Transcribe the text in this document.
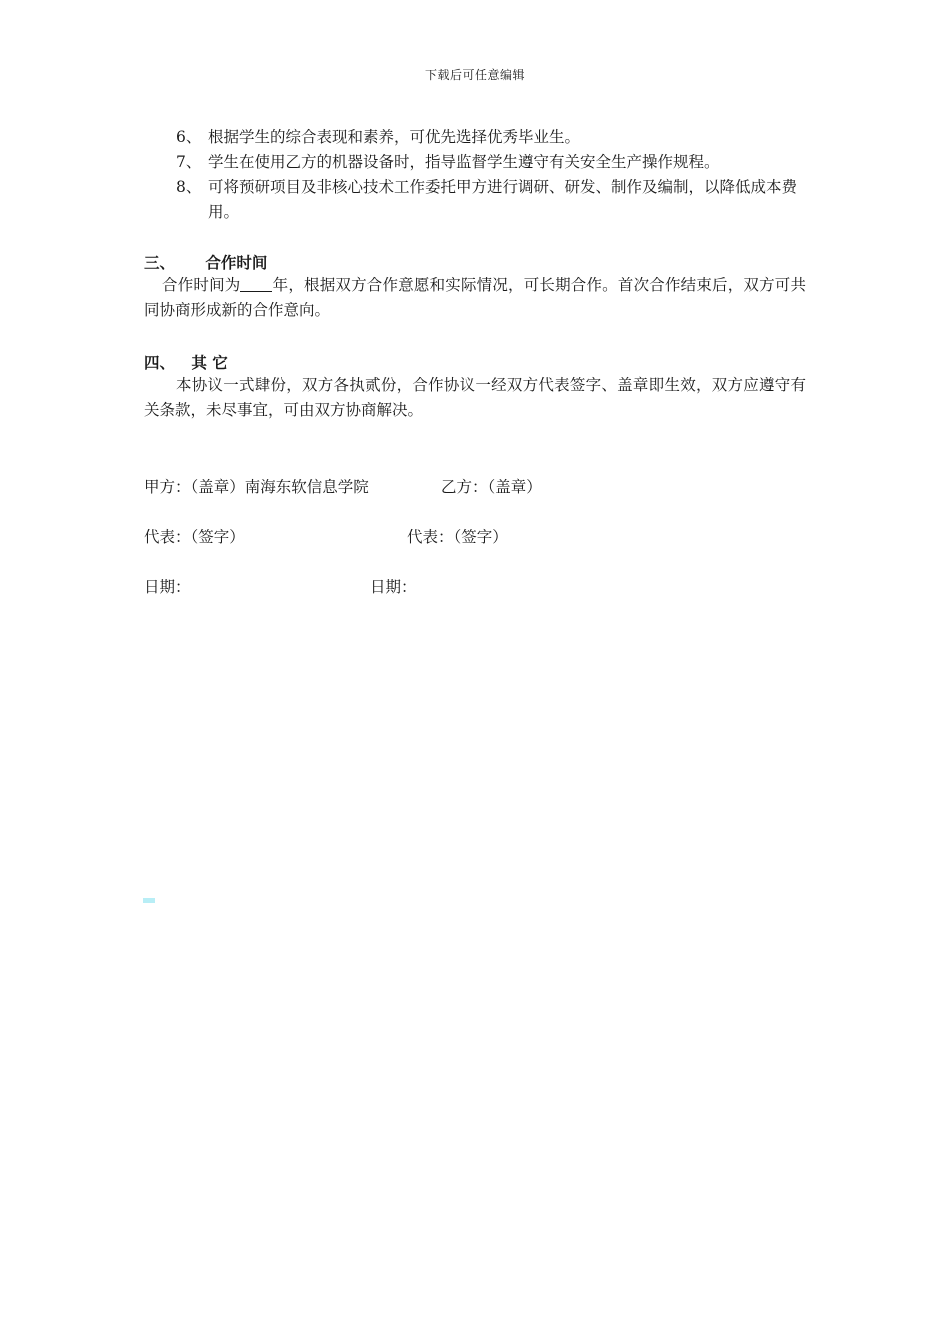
下载后可任意编辑
6、 根据学生的综合表现和素养，可优先选择优秀毕业生。
7、 学生在使用乙方的机器设备时，指导监督学生遵守有关安全生产操作规程。
8、 可将预研项目及非核心技术工作委托甲方进行调研、研发、制作及编制，以降低成本费用。
三、 合作时间
合作时间为 年，根据双方合作意愿和实际情况，可长期合作。首次合作结束后，双方可共同协商形成新的合作意向。
四、 其 它
本协议一式肆份，双方各执贰份，合作协议一经双方代表签字、盖章即生效，双方应遵守有关条款，未尽事宜，可由双方协商解决。
甲方：（盖章）南海东软信息学院	乙方：（盖章）
代表：（签字）	代表：（签字）
日期：	日期：
